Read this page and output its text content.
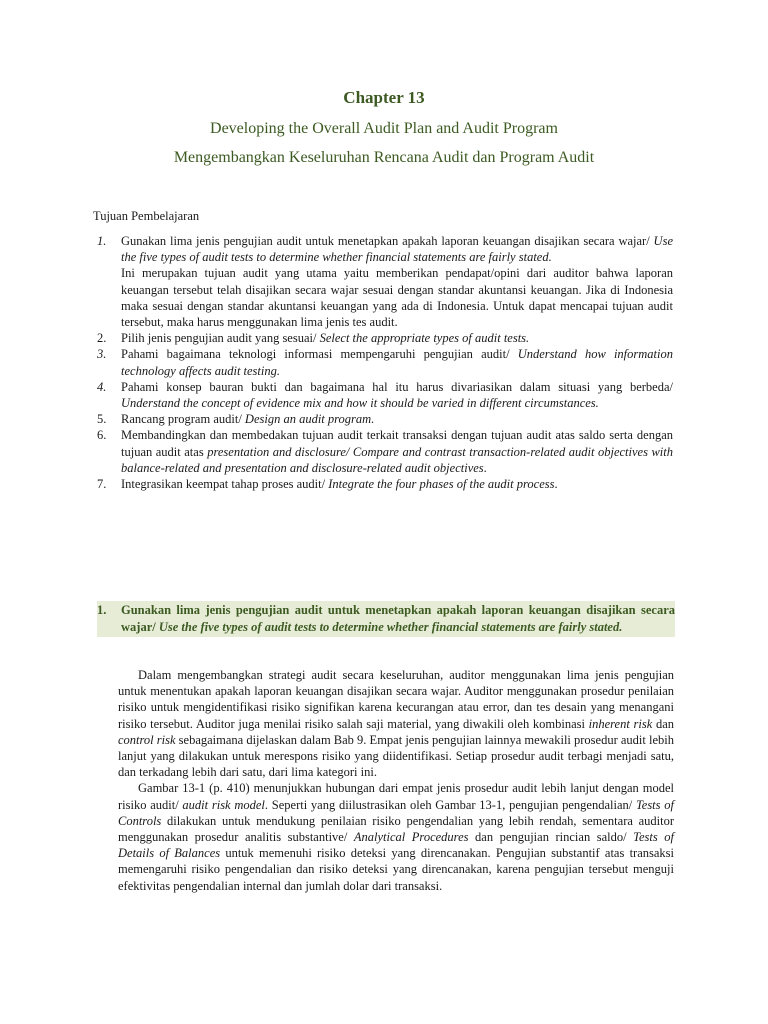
Chapter 13
Developing the Overall Audit Plan and Audit Program
Mengembangkan Keseluruhan Rencana Audit dan Program Audit
Tujuan Pembelajaran
1.	Gunakan lima jenis pengujian audit untuk menetapkan apakah laporan keuangan disajikan secara wajar/ Use the five types of audit tests to determine whether financial statements are fairly stated.

Ini merupakan tujuan audit yang utama yaitu memberikan pendapat/opini dari auditor bahwa laporan keuangan tersebut telah disajikan secara wajar sesuai dengan standar akuntansi keuangan. Jika di Indonesia maka sesuai dengan standar akuntansi keuangan yang ada di Indonesia. Untuk dapat mencapai tujuan audit tersebut, maka harus menggunakan lima jenis tes audit.

2.	Pilih jenis pengujian audit yang sesuai/ Select the appropriate types of audit tests.
3.	Pahami bagaimana teknologi informasi mempengaruhi pengujian audit/ Understand how information technology affects audit testing.
4.	Pahami konsep bauran bukti dan bagaimana hal itu harus divariasikan dalam situasi yang berbeda/ Understand the concept of evidence mix and how it should be varied in different circumstances.
5.	Rancang program audit/ Design an audit program.
6.	Membandingkan dan membedakan tujuan audit terkait transaksi dengan tujuan audit atas saldo serta dengan tujuan audit atas presentation and disclosure/ Compare and contrast transaction-related audit objectives with balance-related and presentation and disclosure-related audit objectives.
7.	Integrasikan keempat tahap proses audit/ Integrate the four phases of the audit process.
1.	Gunakan lima jenis pengujian audit untuk menetapkan apakah laporan keuangan disajikan secara wajar/ Use the five types of audit tests to determine whether financial statements are fairly stated.

Dalam mengembangkan strategi audit secara keseluruhan, auditor menggunakan lima jenis pengujian untuk menentukan apakah laporan keuangan disajikan secara wajar. Auditor menggunakan prosedur penilaian risiko untuk mengidentifikasi risiko signifikan karena kecurangan atau error, dan tes desain yang menangani risiko tersebut. Auditor juga menilai risiko salah saji material, yang diwakili oleh kombinasi inherent risk dan control risk sebagaimana dijelaskan dalam Bab 9. Empat jenis pengujian lainnya mewakili prosedur audit lebih lanjut yang dilakukan untuk merespons risiko yang diidentifikasi. Setiap prosedur audit terbagi menjadi satu, dan terkadang lebih dari satu, dari lima kategori ini.

Gambar 13-1 (p. 410) menunjukkan hubungan dari empat jenis prosedur audit lebih lanjut dengan model risiko audit/ audit risk model. Seperti yang diilustrasikan oleh Gambar 13-1, pengujian pengendalian/ Tests of Controls dilakukan untuk mendukung penilaian risiko pengendalian yang lebih rendah, sementara auditor menggunakan prosedur analitis substantive/ Analytical Procedures dan pengujian rincian saldo/ Tests of Details of Balances untuk memenuhi risiko deteksi yang direncanakan. Pengujian substantif atas transaksi memengaruhi risiko pengendalian dan risiko deteksi yang direncanakan, karena pengujian tersebut menguji efektivitas pengendalian internal dan jumlah dolar dari transaksi.
